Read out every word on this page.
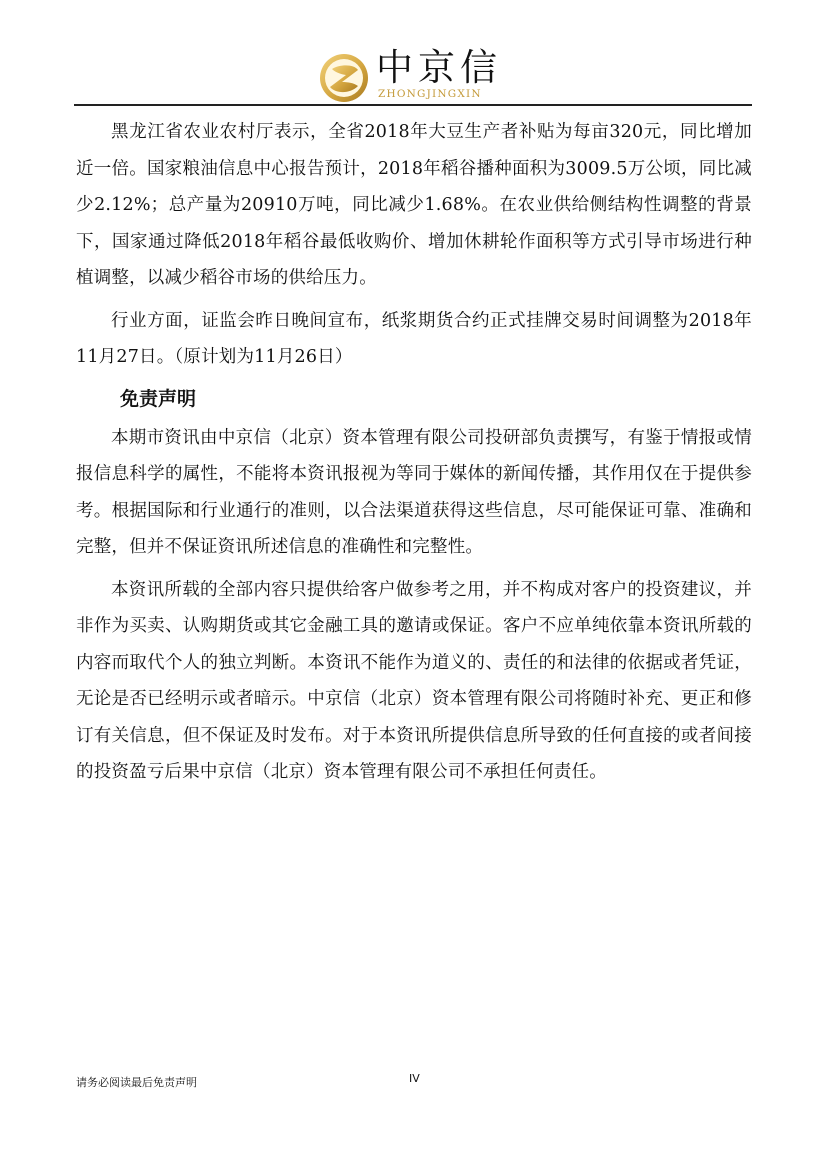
中京信
ZHONGJINGXIN

黑龙江省农业农村厅表示，全省2018年大豆生产者补贴为每亩320元，同比增加近一倍。国家粮油信息中心报告预计，2018年稻谷播种面积为3009.5万公顷，同比减少2.12%；总产量为20910万吨，同比减少1.68%。在农业供给侧结构性调整的背景下，国家通过降低2018年稻谷最低收购价、增加休耕轮作面积等方式引导市场进行种植调整，以减少稻谷市场的供给压力。

行业方面，证监会昨日晚间宣布，纸浆期货合约正式挂牌交易时间调整为2018年11月27日。（原计划为11月26日）

免责声明

本期市资讯由中京信（北京）资本管理有限公司投研部负责撰写，有鉴于情报或情报信息科学的属性，不能将本资讯报视为等同于媒体的新闻传播，其作用仅在于提供参考。根据国际和行业通行的准则，以合法渠道获得这些信息，尽可能保证可靠、准确和完整，但并不保证资讯所述信息的准确性和完整性。

本资讯所载的全部内容只提供给客户做参考之用，并不构成对客户的投资建议，并非作为买卖、认购期货或其它金融工具的邀请或保证。客户不应单纯依靠本资讯所载的内容而取代个人的独立判断。本资讯不能作为道义的、责任的和法律的依据或者凭证，无论是否已经明示或者暗示。中京信（北京）资本管理有限公司将随时补充、更正和修订有关信息，但不保证及时发布。对于本资讯所提供信息所导致的任何直接的或者间接的投资盈亏后果中京信（北京）资本管理有限公司不承担任何责任。

请务必阅读最后免责声明	IV
